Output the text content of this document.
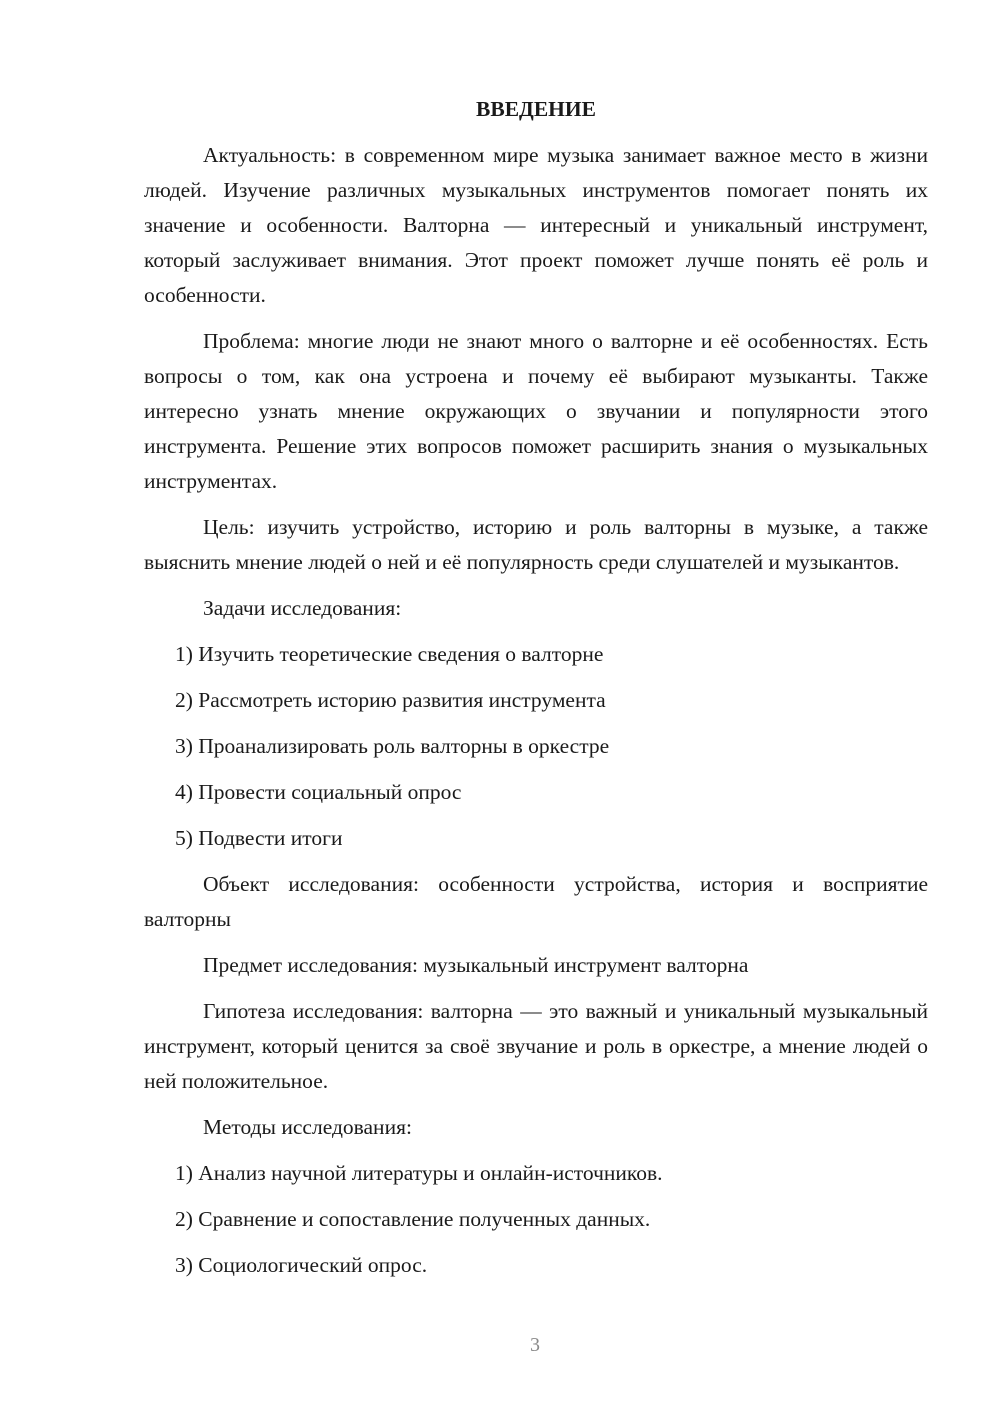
ВВЕДЕНИЕ

Актуальность: в современном мире музыка занимает важное место в жизни людей. Изучение различных музыкальных инструментов помогает понять их значение и особенности. Валторна — интересный и уникальный инструмент, который заслуживает внимания. Этот проект поможет лучше понять её роль и особенности.

Проблема: многие люди не знают много о валторне и её особенностях. Есть вопросы о том, как она устроена и почему её выбирают музыканты. Также интересно узнать мнение окружающих о звучании и популярности этого инструмента. Решение этих вопросов поможет расширить знания о музыкальных инструментах.

Цель: изучить устройство, историю и роль валторны в музыке, а также выяснить мнение людей о ней и её популярность среди слушателей и музыкантов.

Задачи исследования:

1) Изучить теоретические сведения о валторне
2) Рассмотреть историю развития инструмента
3) Проанализировать роль валторны в оркестре
4) Провести социальный опрос
5) Подвести итоги

Объект исследования: особенности устройства, история и восприятие валторны

Предмет исследования: музыкальный инструмент валторна

Гипотеза исследования: валторна — это важный и уникальный музыкальный инструмент, который ценится за своё звучание и роль в оркестре, а мнение людей о ней положительное.

Методы исследования:

1) Анализ научной литературы и онлайн-источников.
2) Сравнение и сопоставление полученных данных.
3) Социологический опрос.
3
